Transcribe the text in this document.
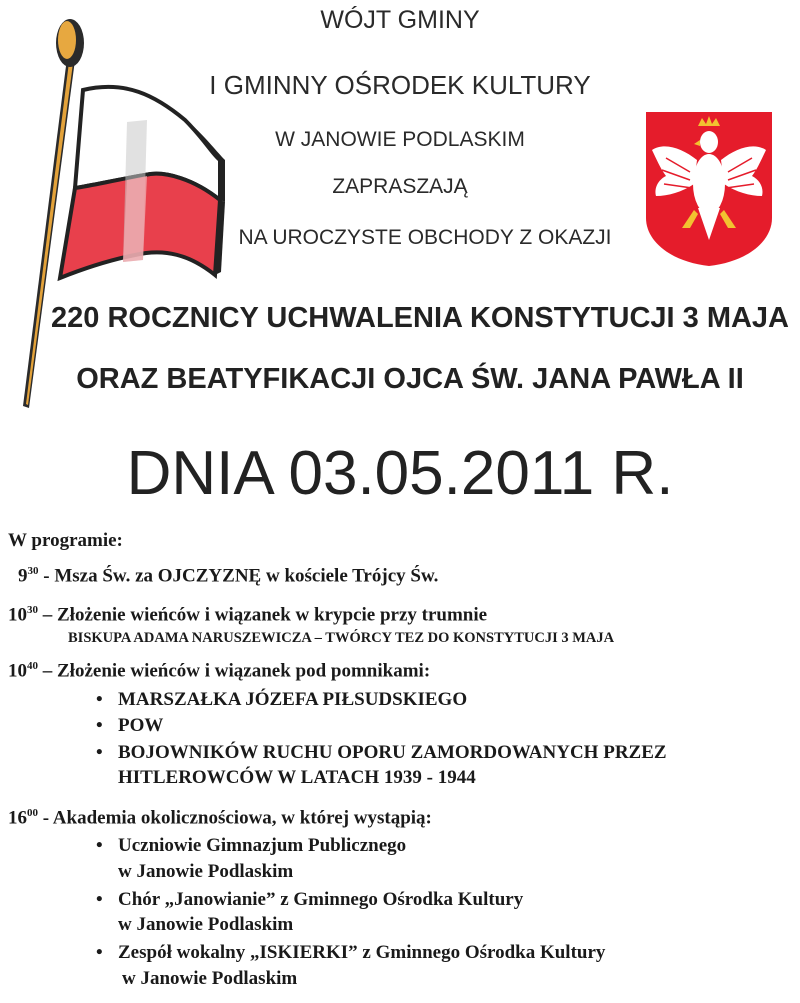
WÓJT GMINY
I GMINNY OŚRODEK KULTURY
W JANOWIE PODLASKIM
ZAPRASZAJĄ
NA UROCZYSTE OBCHODY Z OKAZJI
220 ROCZNICY UCHWALENIA KONSTYTUCJI 3 MAJA
ORAZ BEATYFIKACJI OJCA ŚW. JANA PAWŁA II
DNIA 03.05.2011 R.
W programie:
$9^{30}$ - Msza Św. za OJCZYZNĘ w kościele Trójcy Św.
$10^{30}$ – Złożenie wieńców i wiązanek w krypcie przy trumnie
BISKUPA ADAMA NARUSZEWICZA – TWÓRCY TEZ DO KONSTYTUCJI 3 MAJA
$10^{40}$ – Złożenie wieńców i wiązanek pod pomnikami:
• MARSZAŁKA JÓZEFA PIŁSUDSKIEGO
• POW
• BOJOWNIKÓW RUCHU OPORU ZAMORDOWANYCH PRZEZ
HITLEROWCÓW W LATACH 1939 - 1944
$16^{00}$ - Akademia okolicznościowa, w której wystąpią:
• Uczniowie Gimnazjum Publicznego
w Janowie Podlaskim
• Chór „Janowianie” z Gminnego Ośrodka Kultury
w Janowie Podlaskim
• Zespół wokalny „ISKIERKI” z Gminnego Ośrodka Kultury
w Janowie Podlaskim
